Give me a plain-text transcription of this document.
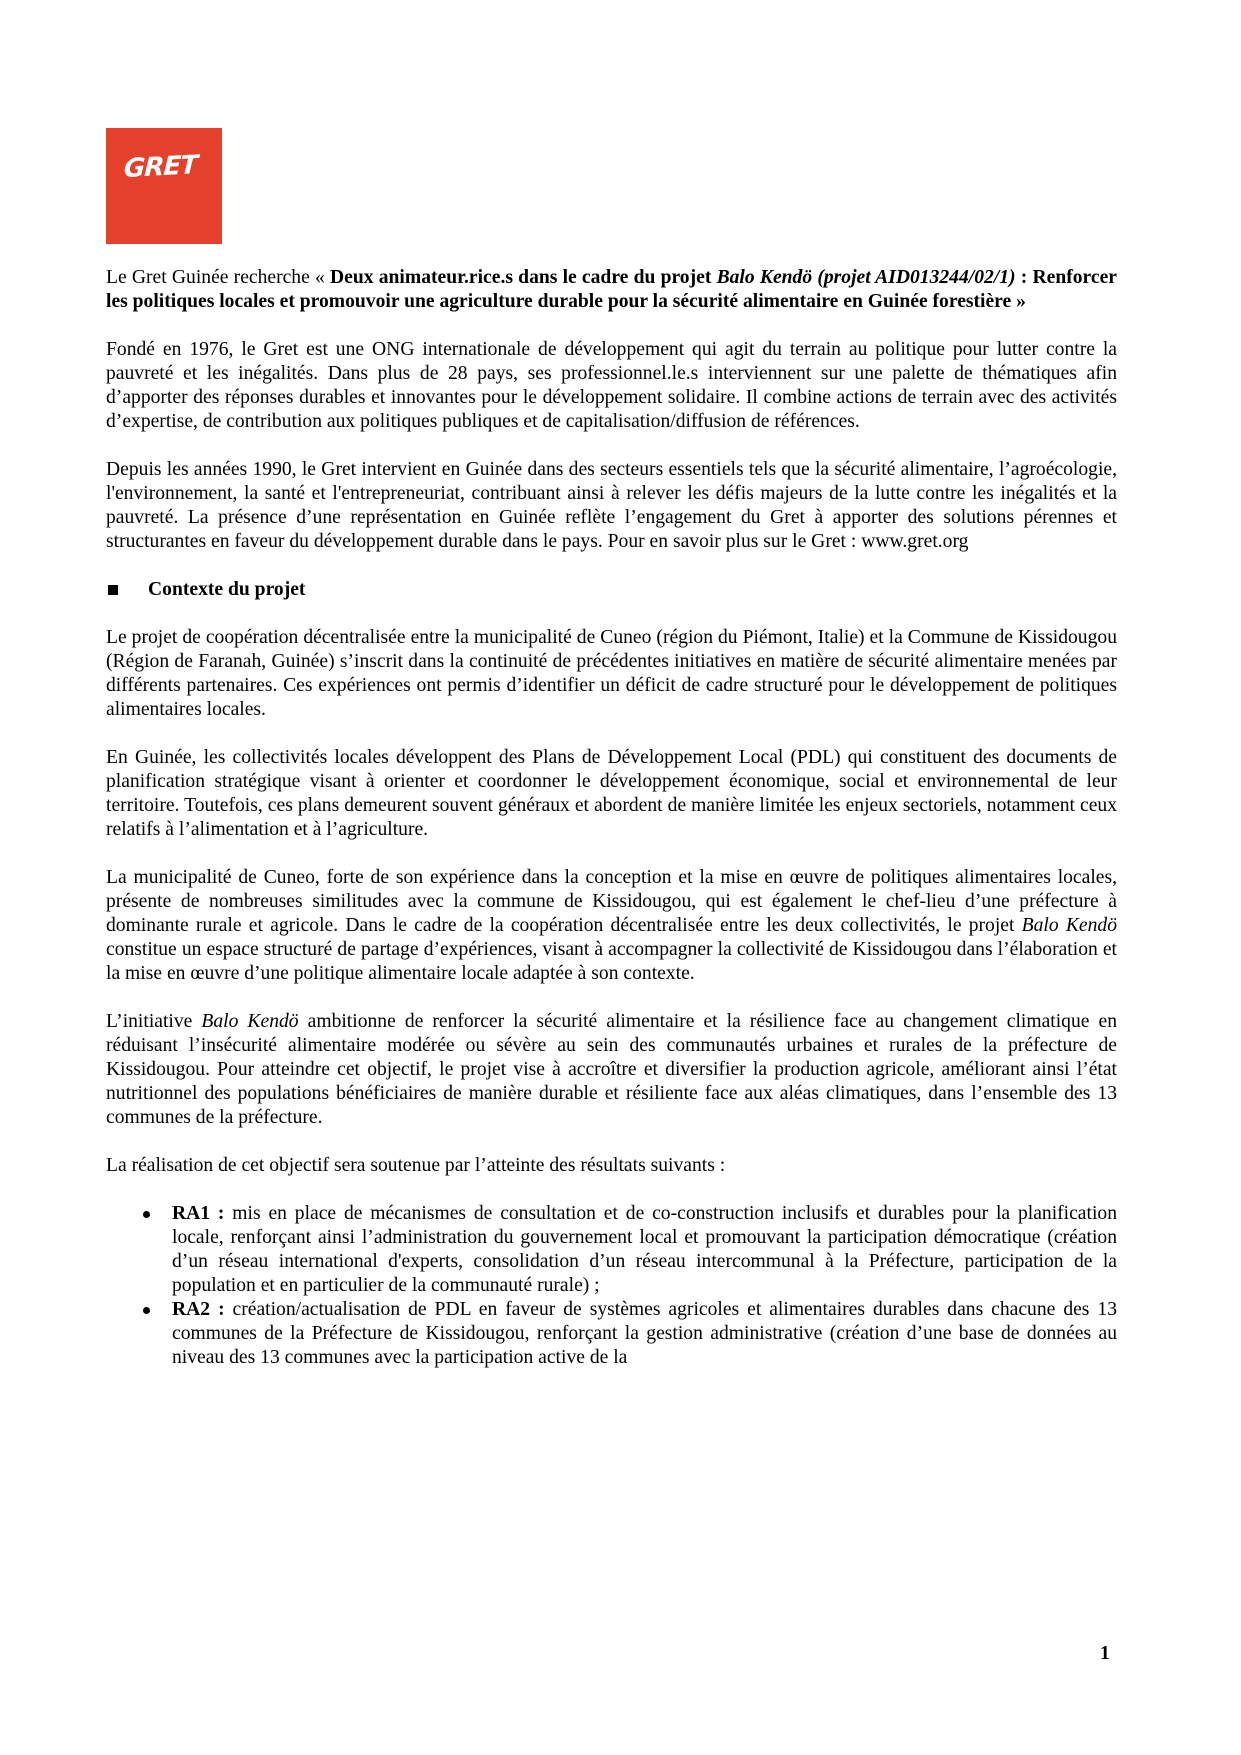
GRET

Le Gret Guinée recherche « Deux animateur.rice.s dans le cadre du projet Balo Kendö (projet AID013244/02/1) : Renforcer les politiques locales et promouvoir une agriculture durable pour la sécurité alimentaire en Guinée forestière »

Fondé en 1976, le Gret est une ONG internationale de développement qui agit du terrain au politique pour lutter contre la pauvreté et les inégalités. Dans plus de 28 pays, ses professionnel.le.s interviennent sur une palette de thématiques afin d’apporter des réponses durables et innovantes pour le développement solidaire. Il combine actions de terrain avec des activités d’expertise, de contribution aux politiques publiques et de capitalisation/diffusion de références.

Depuis les années 1990, le Gret intervient en Guinée dans des secteurs essentiels tels que la sécurité alimentaire, l’agroécologie, l'environnement, la santé et l'entrepreneuriat, contribuant ainsi à relever les défis majeurs de la lutte contre les inégalités et la pauvreté. La présence d’une représentation en Guinée reflète l’engagement du Gret à apporter des solutions pérennes et structurantes en faveur du développement durable dans le pays. Pour en savoir plus sur le Gret : www.gret.org

Contexte du projet

Le projet de coopération décentralisée entre la municipalité de Cuneo (région du Piémont, Italie) et la Commune de Kissidougou (Région de Faranah, Guinée) s’inscrit dans la continuité de précédentes initiatives en matière de sécurité alimentaire menées par différents partenaires. Ces expériences ont permis d’identifier un déficit de cadre structuré pour le développement de politiques alimentaires locales.

En Guinée, les collectivités locales développent des Plans de Développement Local (PDL) qui constituent des documents de planification stratégique visant à orienter et coordonner le développement économique, social et environnemental de leur territoire. Toutefois, ces plans demeurent souvent généraux et abordent de manière limitée les enjeux sectoriels, notamment ceux relatifs à l’alimentation et à l’agriculture.

La municipalité de Cuneo, forte de son expérience dans la conception et la mise en œuvre de politiques alimentaires locales, présente de nombreuses similitudes avec la commune de Kissidougou, qui est également le chef-lieu d’une préfecture à dominante rurale et agricole. Dans le cadre de la coopération décentralisée entre les deux collectivités, le projet Balo Kendö constitue un espace structuré de partage d’expériences, visant à accompagner la collectivité de Kissidougou dans l’élaboration et la mise en œuvre d’une politique alimentaire locale adaptée à son contexte.

L’initiative Balo Kendö ambitionne de renforcer la sécurité alimentaire et la résilience face au changement climatique en réduisant l’insécurité alimentaire modérée ou sévère au sein des communautés urbaines et rurales de la préfecture de Kissidougou. Pour atteindre cet objectif, le projet vise à accroître et diversifier la production agricole, améliorant ainsi l’état nutritionnel des populations bénéficiaires de manière durable et résiliente face aux aléas climatiques, dans l’ensemble des 13 communes de la préfecture.

La réalisation de cet objectif sera soutenue par l’atteinte des résultats suivants :

RA1 : mis en place de mécanismes de consultation et de co-construction inclusifs et durables pour la planification locale, renforçant ainsi l’administration du gouvernement local et promouvant la participation démocratique (création d’un réseau international d'experts, consolidation d’un réseau intercommunal à la Préfecture, participation de la population et en particulier de la communauté rurale) ;
RA2 : création/actualisation de PDL en faveur de systèmes agricoles et alimentaires durables dans chacune des 13 communes de la Préfecture de Kissidougou, renforçant la gestion administrative (création d’une base de données au niveau des 13 communes avec la participation active de la
1
